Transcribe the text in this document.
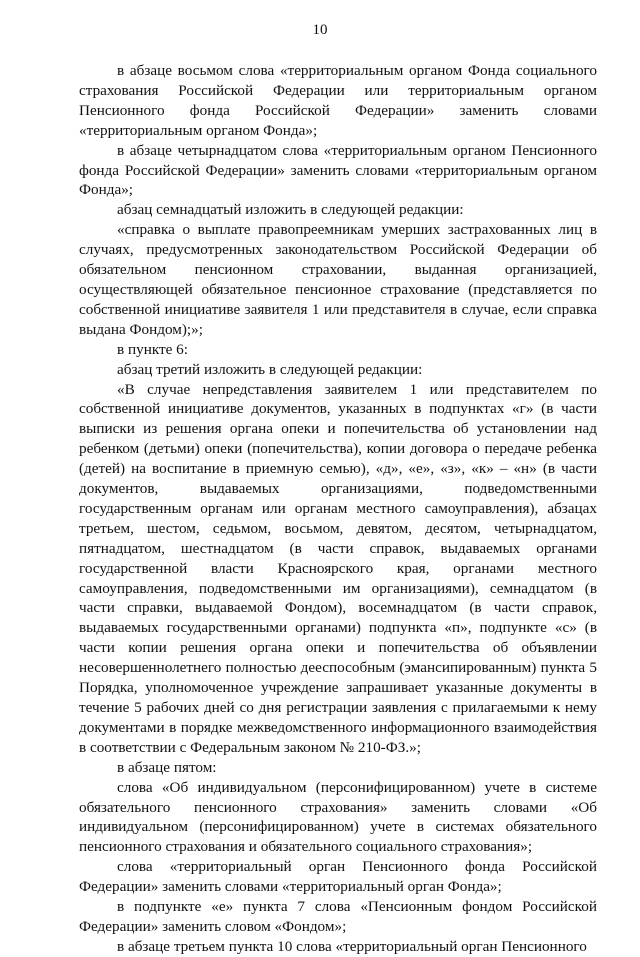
10

в абзаце восьмом слова «территориальным органом Фонда социального страхования Российской Федерации или территориальным органом Пенсионного фонда Российской Федерации» заменить словами «территориальным органом Фонда»;

в абзаце четырнадцатом слова «территориальным органом Пенсионного фонда Российской Федерации» заменить словами «территориальным органом Фонда»;

абзац семнадцатый изложить в следующей редакции:

«справка о выплате правопреемникам умерших застрахованных лиц в случаях, предусмотренных законодательством Российской Федерации об обязательном пенсионном страховании, выданная организацией, осуществляющей обязательное пенсионное страхование (представляется по собственной инициативе заявителя 1 или представителя в случае, если справка выдана Фондом);»;

в пункте 6:

абзац третий изложить в следующей редакции:

«В случае непредставления заявителем 1 или представителем по собственной инициативе документов, указанных в подпунктах «г» (в части выписки из решения органа опеки и попечительства об установлении над ребенком (детьми) опеки (попечительства), копии договора о передаче ребенка (детей) на воспитание в приемную семью), «д», «е», «з», «к» – «н» (в части документов, выдаваемых организациями, подведомственными государственным органам или органам местного самоуправления), абзацах третьем, шестом, седьмом, восьмом, девятом, десятом, четырнадцатом, пятнадцатом, шестнадцатом (в части справок, выдаваемых органами государственной власти Красноярского края, органами местного самоуправления, подведомственными им организациями), семнадцатом (в части справки, выдаваемой Фондом), восемнадцатом (в части справок, выдаваемых государственными органами) подпункта «п», подпункте «с» (в части копии решения органа опеки и попечительства об объявлении несовершеннолетнего полностью дееспособным (эмансипированным) пункта 5 Порядка, уполномоченное учреждение запрашивает указанные документы в течение 5 рабочих дней со дня регистрации заявления с прилагаемыми к нему документами в порядке межведомственного информационного взаимодействия в соответствии с Федеральным законом № 210-ФЗ.»;

в абзаце пятом:

слова «Об индивидуальном (персонифицированном) учете в системе обязательного пенсионного страхования» заменить словами «Об индивидуальном (персонифицированном) учете в системах обязательного пенсионного страхования и обязательного социального страхования»;

слова «территориальный орган Пенсионного фонда Российской Федерации» заменить словами «территориальный орган Фонда»;

в подпункте «е» пункта 7 слова «Пенсионным фондом Российской Федерации» заменить словом «Фондом»;

в абзаце третьем пункта 10 слова «территориальный орган Пенсионного
